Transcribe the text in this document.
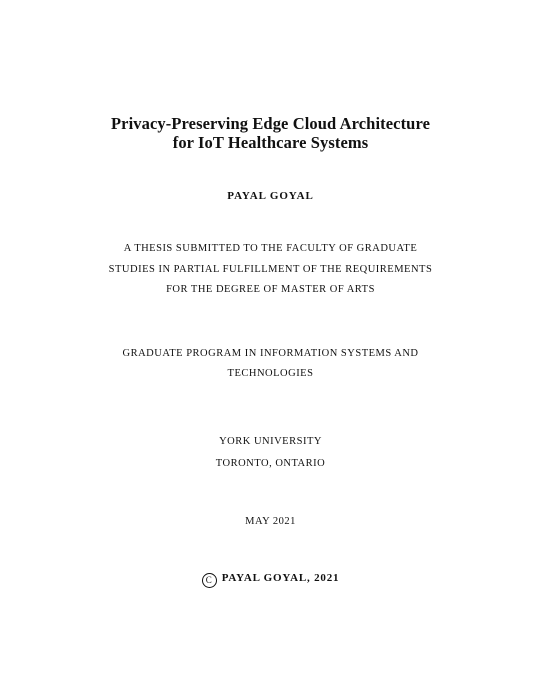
Privacy-Preserving Edge Cloud Architecture
for IoT Healthcare Systems
PAYAL GOYAL
A THESIS SUBMITTED TO THE FACULTY OF GRADUATE
STUDIES IN PARTIAL FULFILLMENT OF THE REQUIREMENTS
FOR THE DEGREE OF MASTER OF ARTS
GRADUATE PROGRAM IN INFORMATION SYSTEMS AND
TECHNOLOGIES
YORK UNIVERSITY
TORONTO, ONTARIO
MAY 2021
C PAYAL GOYAL, 2021
